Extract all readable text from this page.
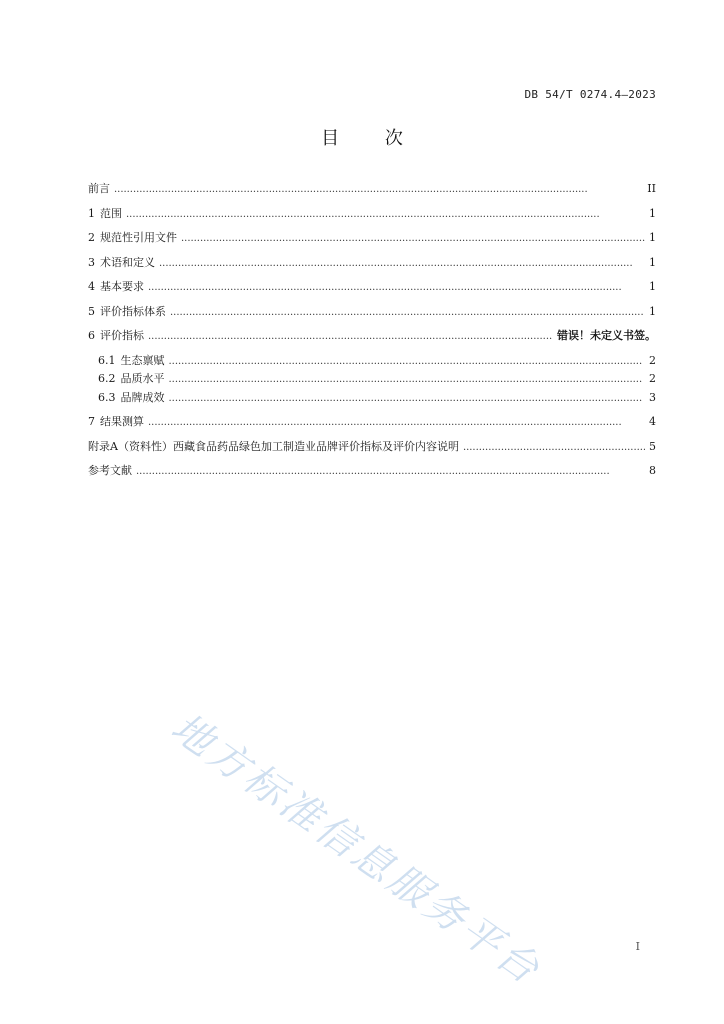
DB 54/T 0274.4—2023
目 次
前言 . . .	II
1 范围 . . .	1
2 规范性引用文件 . . .	1
3 术语和定义 . . .	1
4 基本要求 . . .	1
5 评价指标体系 . . .	1
6 评价指标 . . .	错误！未定义书签。
6.1 生态禀赋 . . .	2
6.2 品质水平 . . .	2
6.3 品牌成效 . . .	3
7 结果测算 . . .	4
附录A（资料性）西藏食品药品绿色加工制造业品牌评价指标及评价内容说明 . . .	5
参考文献 . . .	8
地方标准信息服务平台	I
